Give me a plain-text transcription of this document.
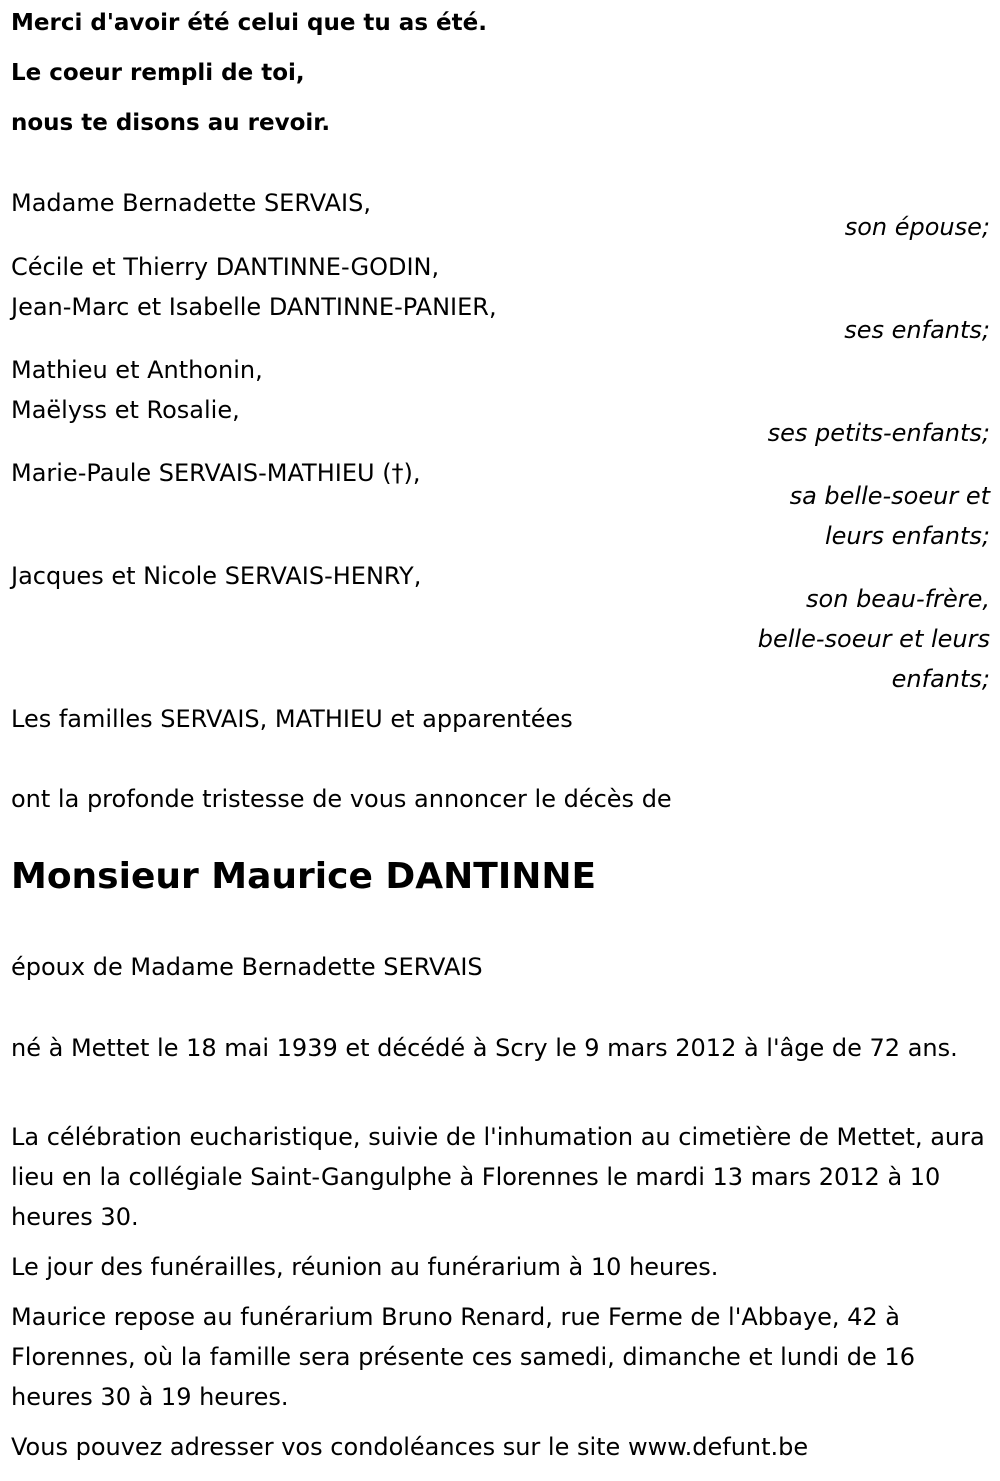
Merci d'avoir été celui que tu as été.
Le coeur rempli de toi,
nous te disons au revoir.
Madame Bernadette SERVAIS,
son épouse;
Cécile et Thierry DANTINNE-GODIN,
Jean-Marc et Isabelle DANTINNE-PANIER,
ses enfants;
Mathieu et Anthonin,
Maëlyss et Rosalie,
ses petits-enfants;
Marie-Paule SERVAIS-MATHIEU (†),
sa belle-soeur et
leurs enfants;
Jacques et Nicole SERVAIS-HENRY,
son beau-frère,
belle-soeur et leurs
enfants;
Les familles SERVAIS, MATHIEU et apparentées
ont la profonde tristesse de vous annoncer le décès de
Monsieur Maurice DANTINNE
époux de Madame Bernadette SERVAIS
né à Mettet le 18 mai 1939 et décédé à Scry le 9 mars 2012 à l'âge de 72 ans.
La célébration eucharistique, suivie de l'inhumation au cimetière de Mettet, aura lieu en la collégiale Saint-Gangulphe à Florennes le mardi 13 mars 2012 à 10 heures 30.
Le jour des funérailles, réunion au funérarium à 10 heures.
Maurice repose au funérarium Bruno Renard, rue Ferme de l'Abbaye, 42 à Florennes, où la famille sera présente ces samedi, dimanche et lundi de 16 heures 30 à 19 heures.
Vous pouvez adresser vos condoléances sur le site www.defunt.be
